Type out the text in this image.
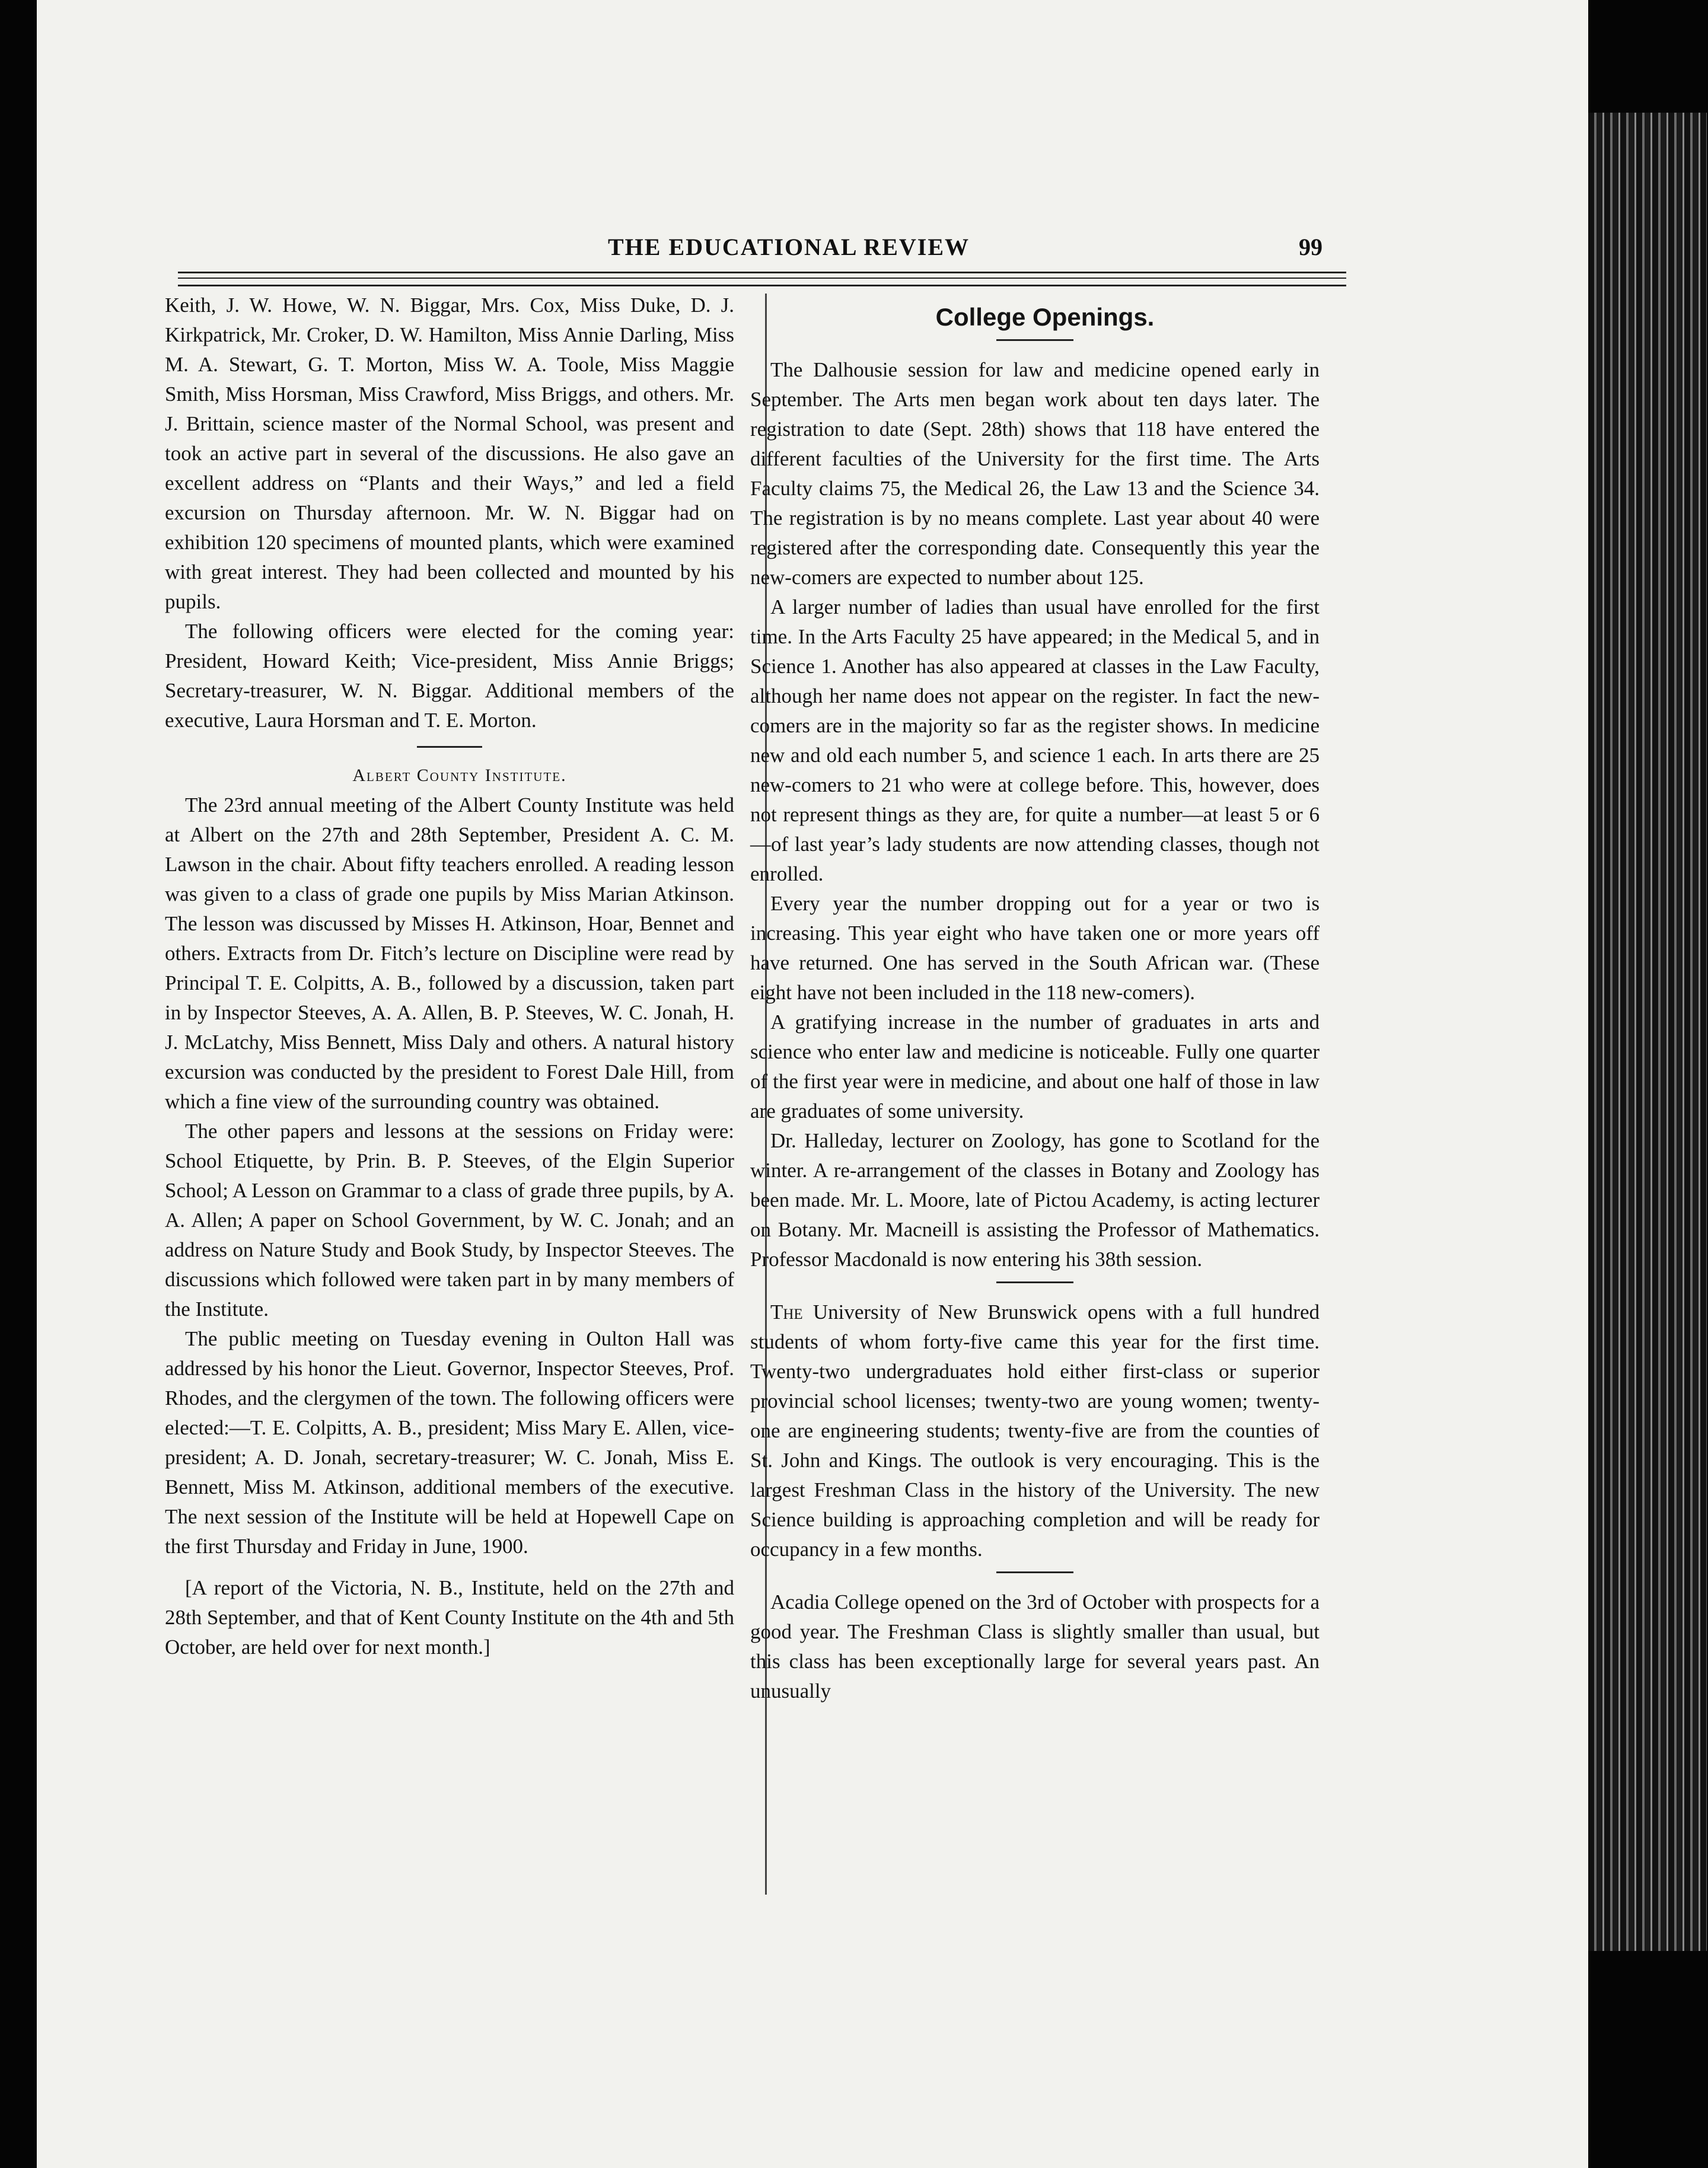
THE EDUCATIONAL REVIEW	99

Keith, J. W. Howe, W. N. Biggar, Mrs. Cox, Miss Duke, D. J. Kirkpatrick, Mr. Croker, D. W. Hamilton, Miss Annie Darling, Miss M. A. Stewart, G. T. Morton, Miss W. A. Toole, Miss Maggie Smith, Miss Horsman, Miss Crawford, Miss Briggs, and others. Mr. J. Brittain, science master of the Normal School, was present and took an active part in several of the discussions. He also gave an excellent address on “Plants and their Ways,” and led a field excursion on Thursday afternoon. Mr. W. N. Biggar had on exhibition 120 specimens of mounted plants, which were examined with great interest. They had been collected and mounted by his pupils.

The following officers were elected for the coming year: President, Howard Keith; Vice-president, Miss Annie Briggs; Secretary-treasurer, W. N. Biggar. Additional members of the executive, Laura Horsman and T. E. Morton.

Albert County Institute.

The 23rd annual meeting of the Albert County Institute was held at Albert on the 27th and 28th September, President A. C. M. Lawson in the chair. About fifty teachers enrolled. A reading lesson was given to a class of grade one pupils by Miss Marian Atkinson. The lesson was discussed by Misses H. Atkinson, Hoar, Bennet and others. Extracts from Dr. Fitch’s lecture on Discipline were read by Principal T. E. Colpitts, A. B., followed by a discussion, taken part in by Inspector Steeves, A. A. Allen, B. P. Steeves, W. C. Jonah, H. J. McLatchy, Miss Bennett, Miss Daly and others. A natural history excursion was conducted by the president to Forest Dale Hill, from which a fine view of the surrounding country was obtained.

The other papers and lessons at the sessions on Friday were: School Etiquette, by Prin. B. P. Steeves, of the Elgin Superior School; A Lesson on Grammar to a class of grade three pupils, by A. A. Allen; A paper on School Government, by W. C. Jonah; and an address on Nature Study and Book Study, by Inspector Steeves. The discussions which followed were taken part in by many members of the Institute.

The public meeting on Tuesday evening in Oulton Hall was addressed by his honor the Lieut. Governor, Inspector Steeves, Prof. Rhodes, and the clergymen of the town. The following officers were elected:—T. E. Colpitts, A. B., president; Miss Mary E. Allen, vice-president; A. D. Jonah, secretary-treasurer; W. C. Jonah, Miss E. Bennett, Miss M. Atkinson, additional members of the executive. The next session of the Institute will be held at Hopewell Cape on the first Thursday and Friday in June, 1900.

[A report of the Victoria, N. B., Institute, held on the 27th and 28th September, and that of Kent County Institute on the 4th and 5th October, are held over for next month.]

College Openings.

The Dalhousie session for law and medicine opened early in September. The Arts men began work about ten days later. The registration to date (Sept. 28th) shows that 118 have entered the different faculties of the University for the first time. The Arts Faculty claims 75, the Medical 26, the Law 13 and the Science 34. The registration is by no means complete. Last year about 40 were registered after the corresponding date. Consequently this year the new-comers are expected to number about 125.

A larger number of ladies than usual have enrolled for the first time. In the Arts Faculty 25 have appeared; in the Medical 5, and in Science 1. Another has also appeared at classes in the Law Faculty, although her name does not appear on the register. In fact the new-comers are in the majority so far as the register shows. In medicine new and old each number 5, and science 1 each. In arts there are 25 new-comers to 21 who were at college before. This, however, does not represent things as they are, for quite a number—at least 5 or 6—of last year’s lady students are now attending classes, though not enrolled.

Every year the number dropping out for a year or two is increasing. This year eight who have taken one or more years off have returned. One has served in the South African war. (These eight have not been included in the 118 new-comers).

A gratifying increase in the number of graduates in arts and science who enter law and medicine is noticeable. Fully one quarter of the first year were in medicine, and about one half of those in law are graduates of some university.

Dr. Halleday, lecturer on Zoology, has gone to Scotland for the winter. A re-arrangement of the classes in Botany and Zoology has been made. Mr. L. Moore, late of Pictou Academy, is acting lecturer on Botany. Mr. Macneill is assisting the Professor of Mathematics. Professor Macdonald is now entering his 38th session.

The University of New Brunswick opens with a full hundred students of whom forty-five came this year for the first time. Twenty-two undergraduates hold either first-class or superior provincial school licenses; twenty-two are young women; twenty-one are engineering students; twenty-five are from the counties of St. John and Kings. The outlook is very encouraging. This is the largest Freshman Class in the history of the University. The new Science building is approaching completion and will be ready for occupancy in a few months.

Acadia College opened on the 3rd of October with prospects for a good year. The Freshman Class is slightly smaller than usual, but this class has been exceptionally large for several years past. An unusually
